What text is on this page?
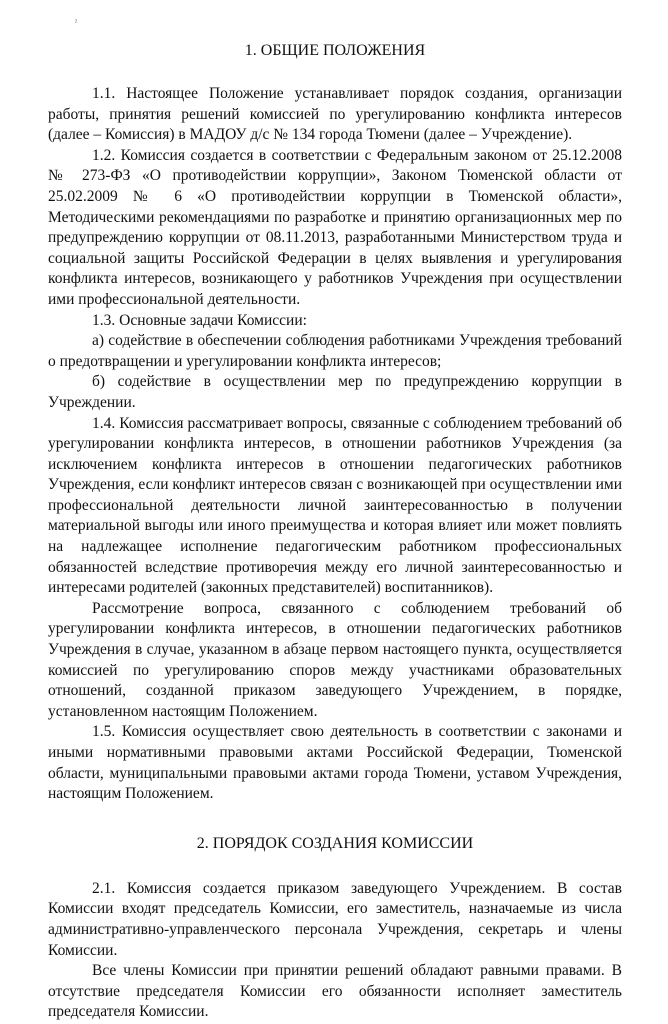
ˀ
1. ОБЩИЕ ПОЛОЖЕНИЯ

1.1. Настоящее Положение устанавливает порядок создания, организации работы, принятия решений комиссией по урегулированию конфликта интересов (далее – Комиссия) в МАДОУ д/с № 134 города Тюмени (далее – Учреждение).

1.2. Комиссия создается в соответствии с Федеральным законом от 25.12.2008 № 273-ФЗ «О противодействии коррупции», Законом Тюменской области от 25.02.2009 № 6 «О противодействии коррупции в Тюменской области», Методическими рекомендациями по разработке и принятию организационных мер по предупреждению коррупции от 08.11.2013, разработанными Министерством труда и социальной защиты Российской Федерации в целях выявления и урегулирования конфликта интересов, возникающего у работников Учреждения при осуществлении ими профессиональной деятельности.

1.3. Основные задачи Комиссии:

а) содействие в обеспечении соблюдения работниками Учреждения требований о предотвращении и урегулировании конфликта интересов;

б) содействие в осуществлении мер по предупреждению коррупции в Учреждении.

1.4. Комиссия рассматривает вопросы, связанные с соблюдением требований об урегулировании конфликта интересов, в отношении работников Учреждения (за исключением конфликта интересов в отношении педагогических работников Учреждения, если конфликт интересов связан с возникающей при осуществлении ими профессиональной деятельности личной заинтересованностью в получении материальной выгоды или иного преимущества и которая влияет или может повлиять на надлежащее исполнение педагогическим работником профессиональных обязанностей вследствие противоречия между его личной заинтересованностью и интересами родителей (законных представителей) воспитанников).

Рассмотрение вопроса, связанного с соблюдением требований об урегулировании конфликта интересов, в отношении педагогических работников Учреждения в случае, указанном в абзаце первом настоящего пункта, осуществляется комиссией по урегулированию споров между участниками образовательных отношений, созданной приказом заведующего Учреждением, в порядке, установленном настоящим Положением.

1.5. Комиссия осуществляет свою деятельность в соответствии с законами и иными нормативными правовыми актами Российской Федерации, Тюменской области, муниципальными правовыми актами города Тюмени, уставом Учреждения, настоящим Положением.

2. ПОРЯДОК СОЗДАНИЯ КОМИССИИ

2.1. Комиссия создается приказом заведующего Учреждением. В состав Комиссии входят председатель Комиссии, его заместитель, назначаемые из числа административно-управленческого персонала Учреждения, секретарь и члены Комиссии.

Все члены Комиссии при принятии решений обладают равными правами. В отсутствие председателя Комиссии его обязанности исполняет заместитель председателя Комиссии.
